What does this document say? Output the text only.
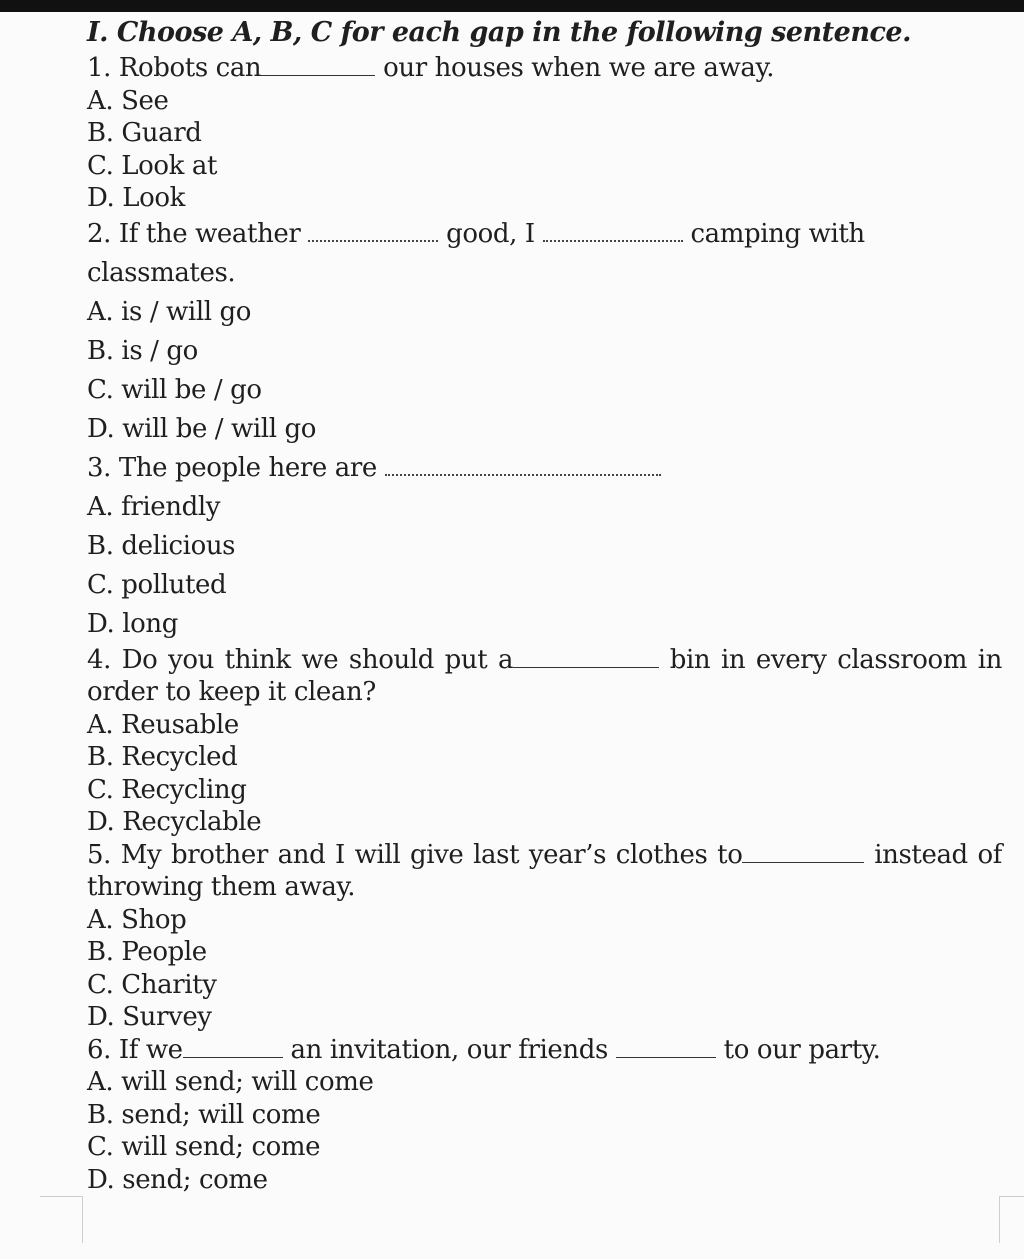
I. Choose A, B, C for each gap in the following sentence.
1. Robots can	our houses when we are away.
A. See
B. Guard
C. Look at
D. Look
2. If the weather	good, I	camping with
classmates.
A. is / will go
B. is / go
C. will be / go
D. will be / will go
3. The people here are
A. friendly
B. delicious
C. polluted
D. long
4. Do you think we should put a	bin in every classroom in order to keep it clean?
A. Reusable
B. Recycled
C. Recycling
D. Recyclable
5. My brother and I will give last year’s clothes to	instead of throwing them away.
A. Shop
B. People
C. Charity
D. Survey
6. If we	an invitation, our friends	to our party.
A. will send; will come
B. send; will come
C. will send; come
D. send; come
